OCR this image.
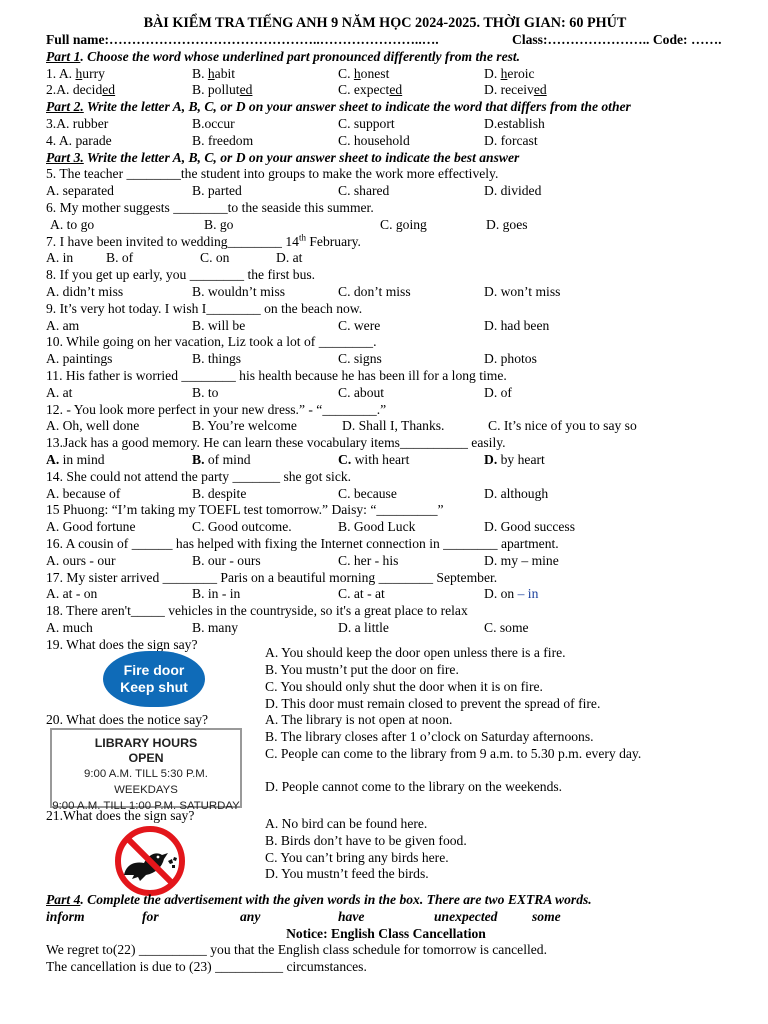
BÀI KIỂM TRA TIẾNG ANH 9 NĂM HỌC 2024-2025. THỜI GIAN: 60 PHÚT
Full name:………………………………………..…………………..….	Class:………………….. Code: …….
Part 1. Choose the word whose underlined part pronounced differently from the rest.
1. A. hurry	B. habit	C. honest	D. heroic
2.A. decided	B. polluted	C. expected	D. received
Part 2. Write the letter A, B, C, or D on your answer sheet to indicate the word that differs from the other
3.A. rubber	B.occur	C. support	D.establish
4. A. parade	B. freedom	C. household	D. forcast
Part 3. Write the letter A, B, C, or D on your answer sheet to indicate the best answer
5. The teacher ________the student into groups to make the work more effectively.
A. separated	B. parted	C. shared	D. divided
6. My mother suggests ________to the seaside this summer.
A. to go	B. go	C. going	D. goes
7. I have been invited to wedding________ 14th February.
A. in B. of	C. on	D. at
8. If you get up early, you ________ the first bus.
A. didn’t miss	B. wouldn’t miss	C. don’t miss	D. won’t miss
9. It’s very hot today. I wish I________ on the beach now.
A. am	B. will be	C. were	D. had been
10. While going on her vacation, Liz took a lot of ________.
A. paintings	B. things	C. signs	D. photos
11. His father is worried ________ his health because he has been ill for a long time.
A. at	B. to	C. about	D. of
12. - You look more perfect in your new dress.” - “________.”
A. Oh, well done	B. You’re welcome	D. Shall I, Thanks.	C. It’s nice of you to say so
13.Jack has a good memory. He can learn these vocabulary items__________ easily.
A. in mind	B. of mind	C. with heart	D. by heart
14. She could not attend the party _______ she got sick.
A. because of	B. despite	C. because	D. although
15 Phuong: “I’m taking my TOEFL test tomorrow.” Daisy: “_________”
A. Good fortune	C. Good outcome.	B. Good Luck	D. Good success
16. A cousin of ______ has helped with fixing the Internet connection in ________ apartment.
A. ours - our	B. our - ours	C. her - his	D. my – mine
17. My sister arrived ________ Paris on a beautiful morning ________ September.
A. at - on	B. in - in	C. at - at	D. on – in
18. There aren't_____ vehicles in the countryside, so it's a great place to relax
A. much	B. many	D. a little	C. some
19. What does the sign say?
Fire door
Keep shut
A. You should keep the door open unless there is a fire.
B. You mustn’t put the door on fire.
C. You should only shut the door when it is on fire.
D. This door must remain closed to prevent the spread of fire.
20. What does the notice say?
LIBRARY HOURS
OPEN
9:00 A.M. TILL 5:30 P.M. WEEKDAYS
9:00 A.M. TILL 1:00 P.M. SATURDAY
A. The library is not open at noon.
B. The library closes after 1 o’clock on Saturday afternoons.
C. People can come to the library from 9 a.m. to 5.30 p.m. every day.
D. People cannot come to the library on the weekends.
21.What does the sign say?
A. No bird can be found here.
B. Birds don’t have to be given food.
C. You can’t bring any birds here.
D. You mustn’t feed the birds.
Part 4. Complete the advertisement with the given words in the box. There are two EXTRA words.
inform	for	any	have	unexpected	some
Notice: English Class Cancellation
We regret to(22) __________ you that the English class schedule for tomorrow is cancelled.
The cancellation is due to (23) __________ circumstances.
